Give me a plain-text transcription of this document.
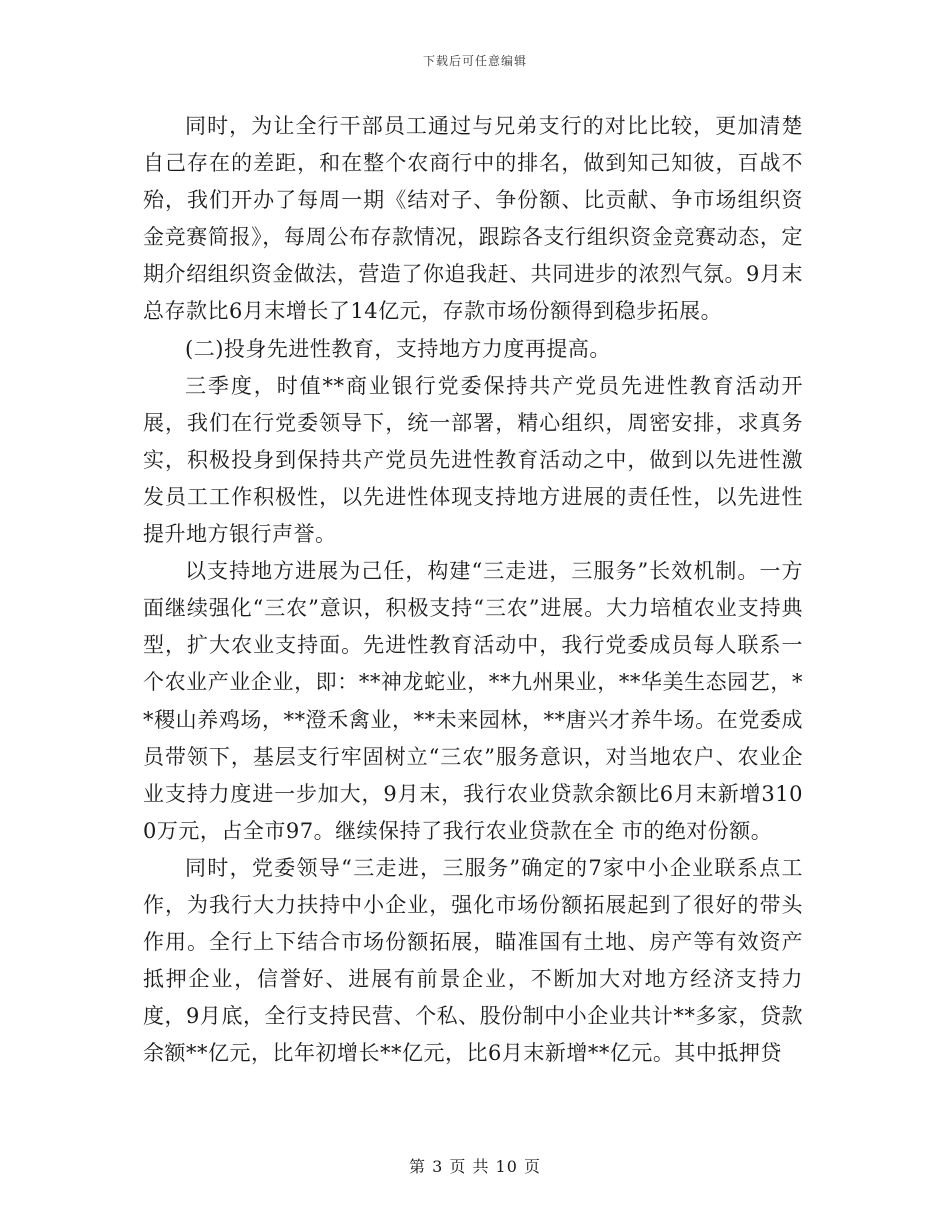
下载后可任意编辑

同时，为让全行干部员工通过与兄弟支行的对比比较，更加清楚自己存在的差距，和在整个农商行中的排名，做到知己知彼，百战不殆，我们开办了每周一期《结对子、争份额、比贡献、争市场组织资金竞赛简报》，每周公布存款情况，跟踪各支行组织资金竞赛动态，定期介绍组织资金做法，营造了你追我赶、共同进步的浓烈气氛。9月末总存款比6月末增长了14亿元，存款市场份额得到稳步拓展。

(二)投身先进性教育，支持地方力度再提高。

三季度，时值**商业银行党委保持共产党员先进性教育活动开展，我们在行党委领导下，统一部署，精心组织，周密安排，求真务实，积极投身到保持共产党员先进性教育活动之中，做到以先进性激发员工工作积极性，以先进性体现支持地方进展的责任性，以先进性提升地方银行声誉。

以支持地方进展为己任，构建“三走进，三服务”长效机制。一方面继续强化“三农”意识，积极支持“三农”进展。大力培植农业支持典型，扩大农业支持面。先进性教育活动中，我行党委成员每人联系一个农业产业企业，即：**神龙蛇业，**九州果业，**华美生态园艺，**稷山养鸡场，**澄禾禽业，**未来园林，**唐兴才养牛场。在党委成员带领下，基层支行牢固树立“三农”服务意识，对当地农户、农业企业支持力度进一步加大，9月末，我行农业贷款余额比6月末新增3100万元，占全市97。继续保持了我行农业贷款在全 市的绝对份额。

同时，党委领导“三走进，三服务”确定的7家中小企业联系点工作，为我行大力扶持中小企业，强化市场份额拓展起到了很好的带头作用。全行上下结合市场份额拓展，瞄准国有土地、房产等有效资产抵押企业，信誉好、进展有前景企业，不断加大对地方经济支持力度，9月底，全行支持民营、个私、股份制中小企业共计**多家，贷款余额**亿元，比年初增长**亿元，比6月末新增**亿元。其中抵押贷

第 3 页 共 10 页
